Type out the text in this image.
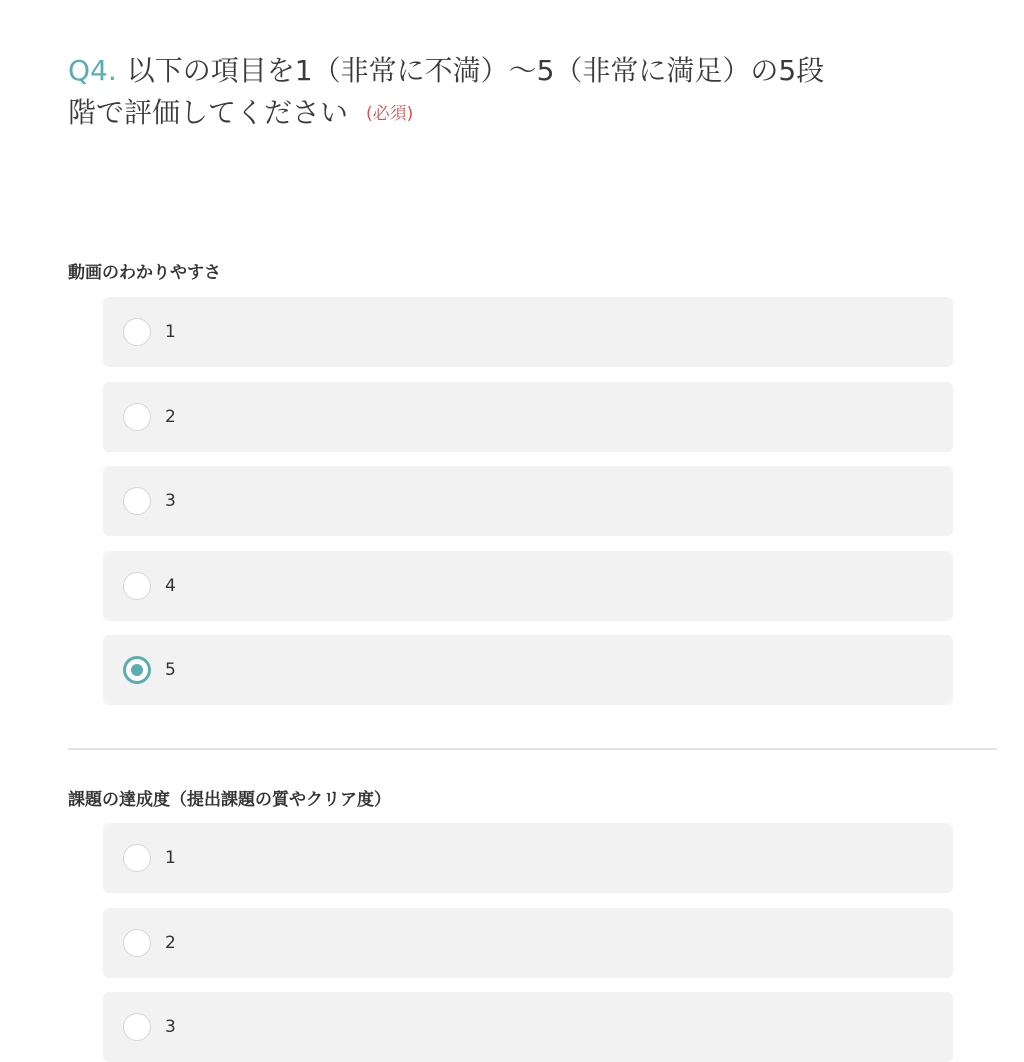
Q4. 以下の項目を1（非常に不満）〜5（非常に満足）の5段
階で評価してください (必須)
動画のわかりやすさ
1
2
3
4
5
課題の達成度（提出課題の質やクリア度）
1
2
3
